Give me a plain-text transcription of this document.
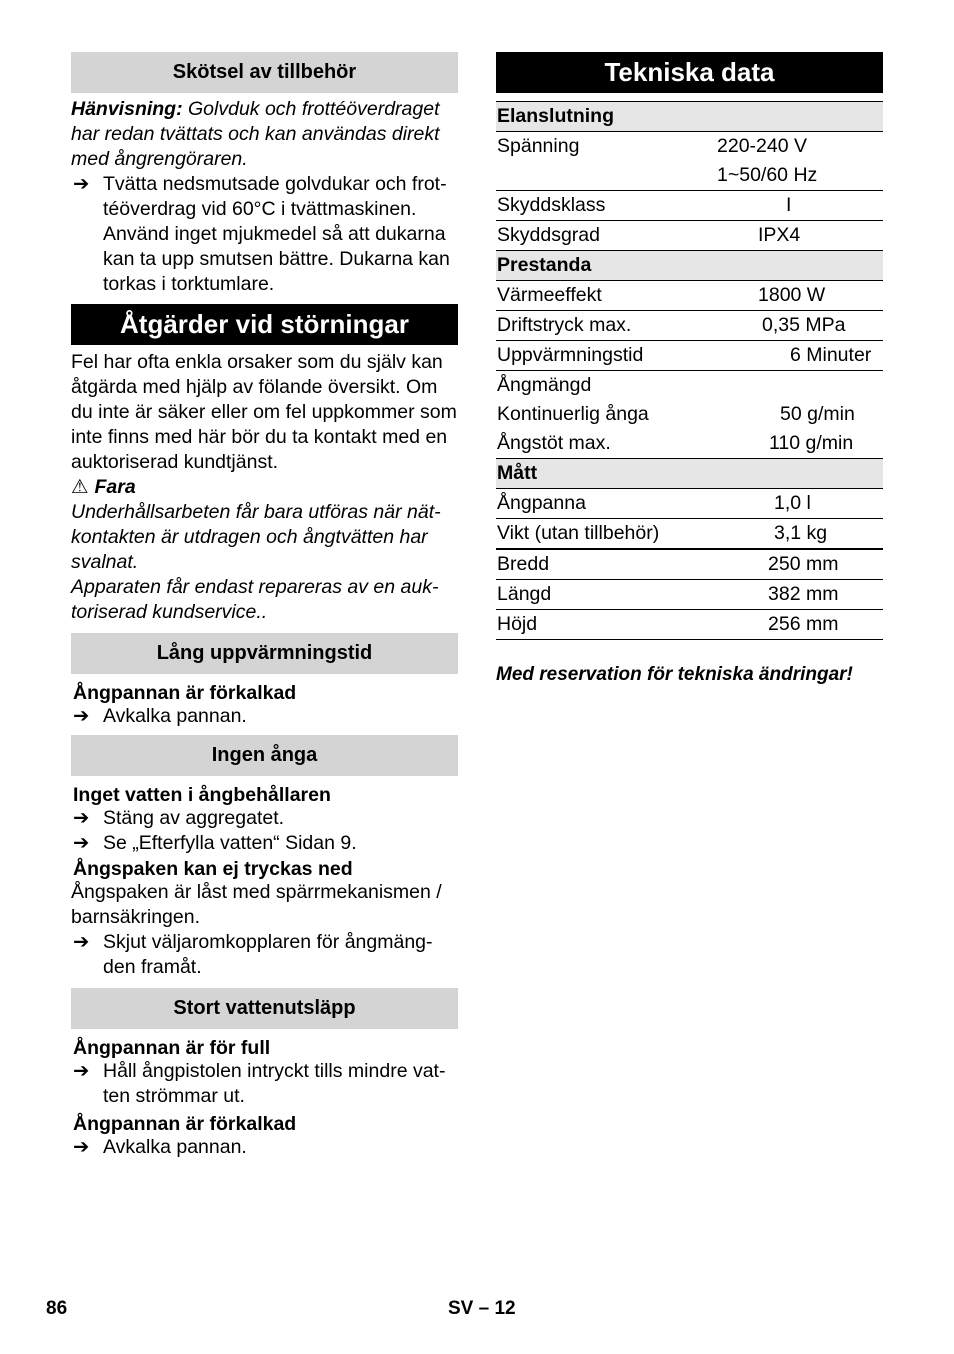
Skötsel av tillbehör

Hänvisning: Golvduk och frottéöverdraget har redan tvättats och kan användas direkt med ångrengöraren.

➔ Tvätta nedsmutsade golvdukar och frot-téöverdrag vid 60°C i tvättmaskinen. Använd inget mjukmedel så att dukarna kan ta upp smutsen bättre. Dukarna kan torkas i torktumlare.
Åtgärder vid störningar

Fel har ofta enkla orsaker som du själv kan åtgärda med hjälp av fölande översikt. Om du inte är säker eller om fel uppkommer som inte finns med här bör du ta kontakt med en auktoriserad kundtjänst.

⚠ Fara

Underhållsarbeten får bara utföras när nät-kontakten är utdragen och ångtvätten har svalnat.

Apparaten får endast repareras av en auk-toriserad kundservice..

Lång uppvärmningstid
Ångpannan är förkalkad
➔ Avkalka pannan.
Ingen ånga
Inget vatten i ångbehållaren
➔ Stäng av aggregatet.
➔ Se „Efterfylla vatten“ Sidan 9.
Ångspaken kan ej tryckas ned

Ångspaken är låst med spärrmekanismen / barnsäkringen.

➔ Skjut väljaromkopplaren för ångmäng-den framåt.
Stort vattenutsläpp
Ångpannan är för full
➔ Håll ångpistolen intryckt tills mindre vat-ten strömmar ut.
Ångpannan är förkalkad
➔ Avkalka pannan.
Tekniska data
Elanslutning	
Spänning	220-240 V
	1~50/60 Hz
Skyddsklass	I
Skyddsgrad	IPX4
Prestanda	
Värmeeffekt	1800 W
Driftstryck max.	0,35 MPa
Uppvärmningstid	6 Minuter
Ångmängd	
Kontinuerlig ånga	50 g/min
Ångstöt max.	110 g/min
Mått	
Ångpanna	1,0 l
Vikt (utan tillbehör)	3,1 kg
Bredd	250 mm
Längd	382 mm
Höjd	256 mm
Med reservation för tekniska ändringar!
86	SV – 12
